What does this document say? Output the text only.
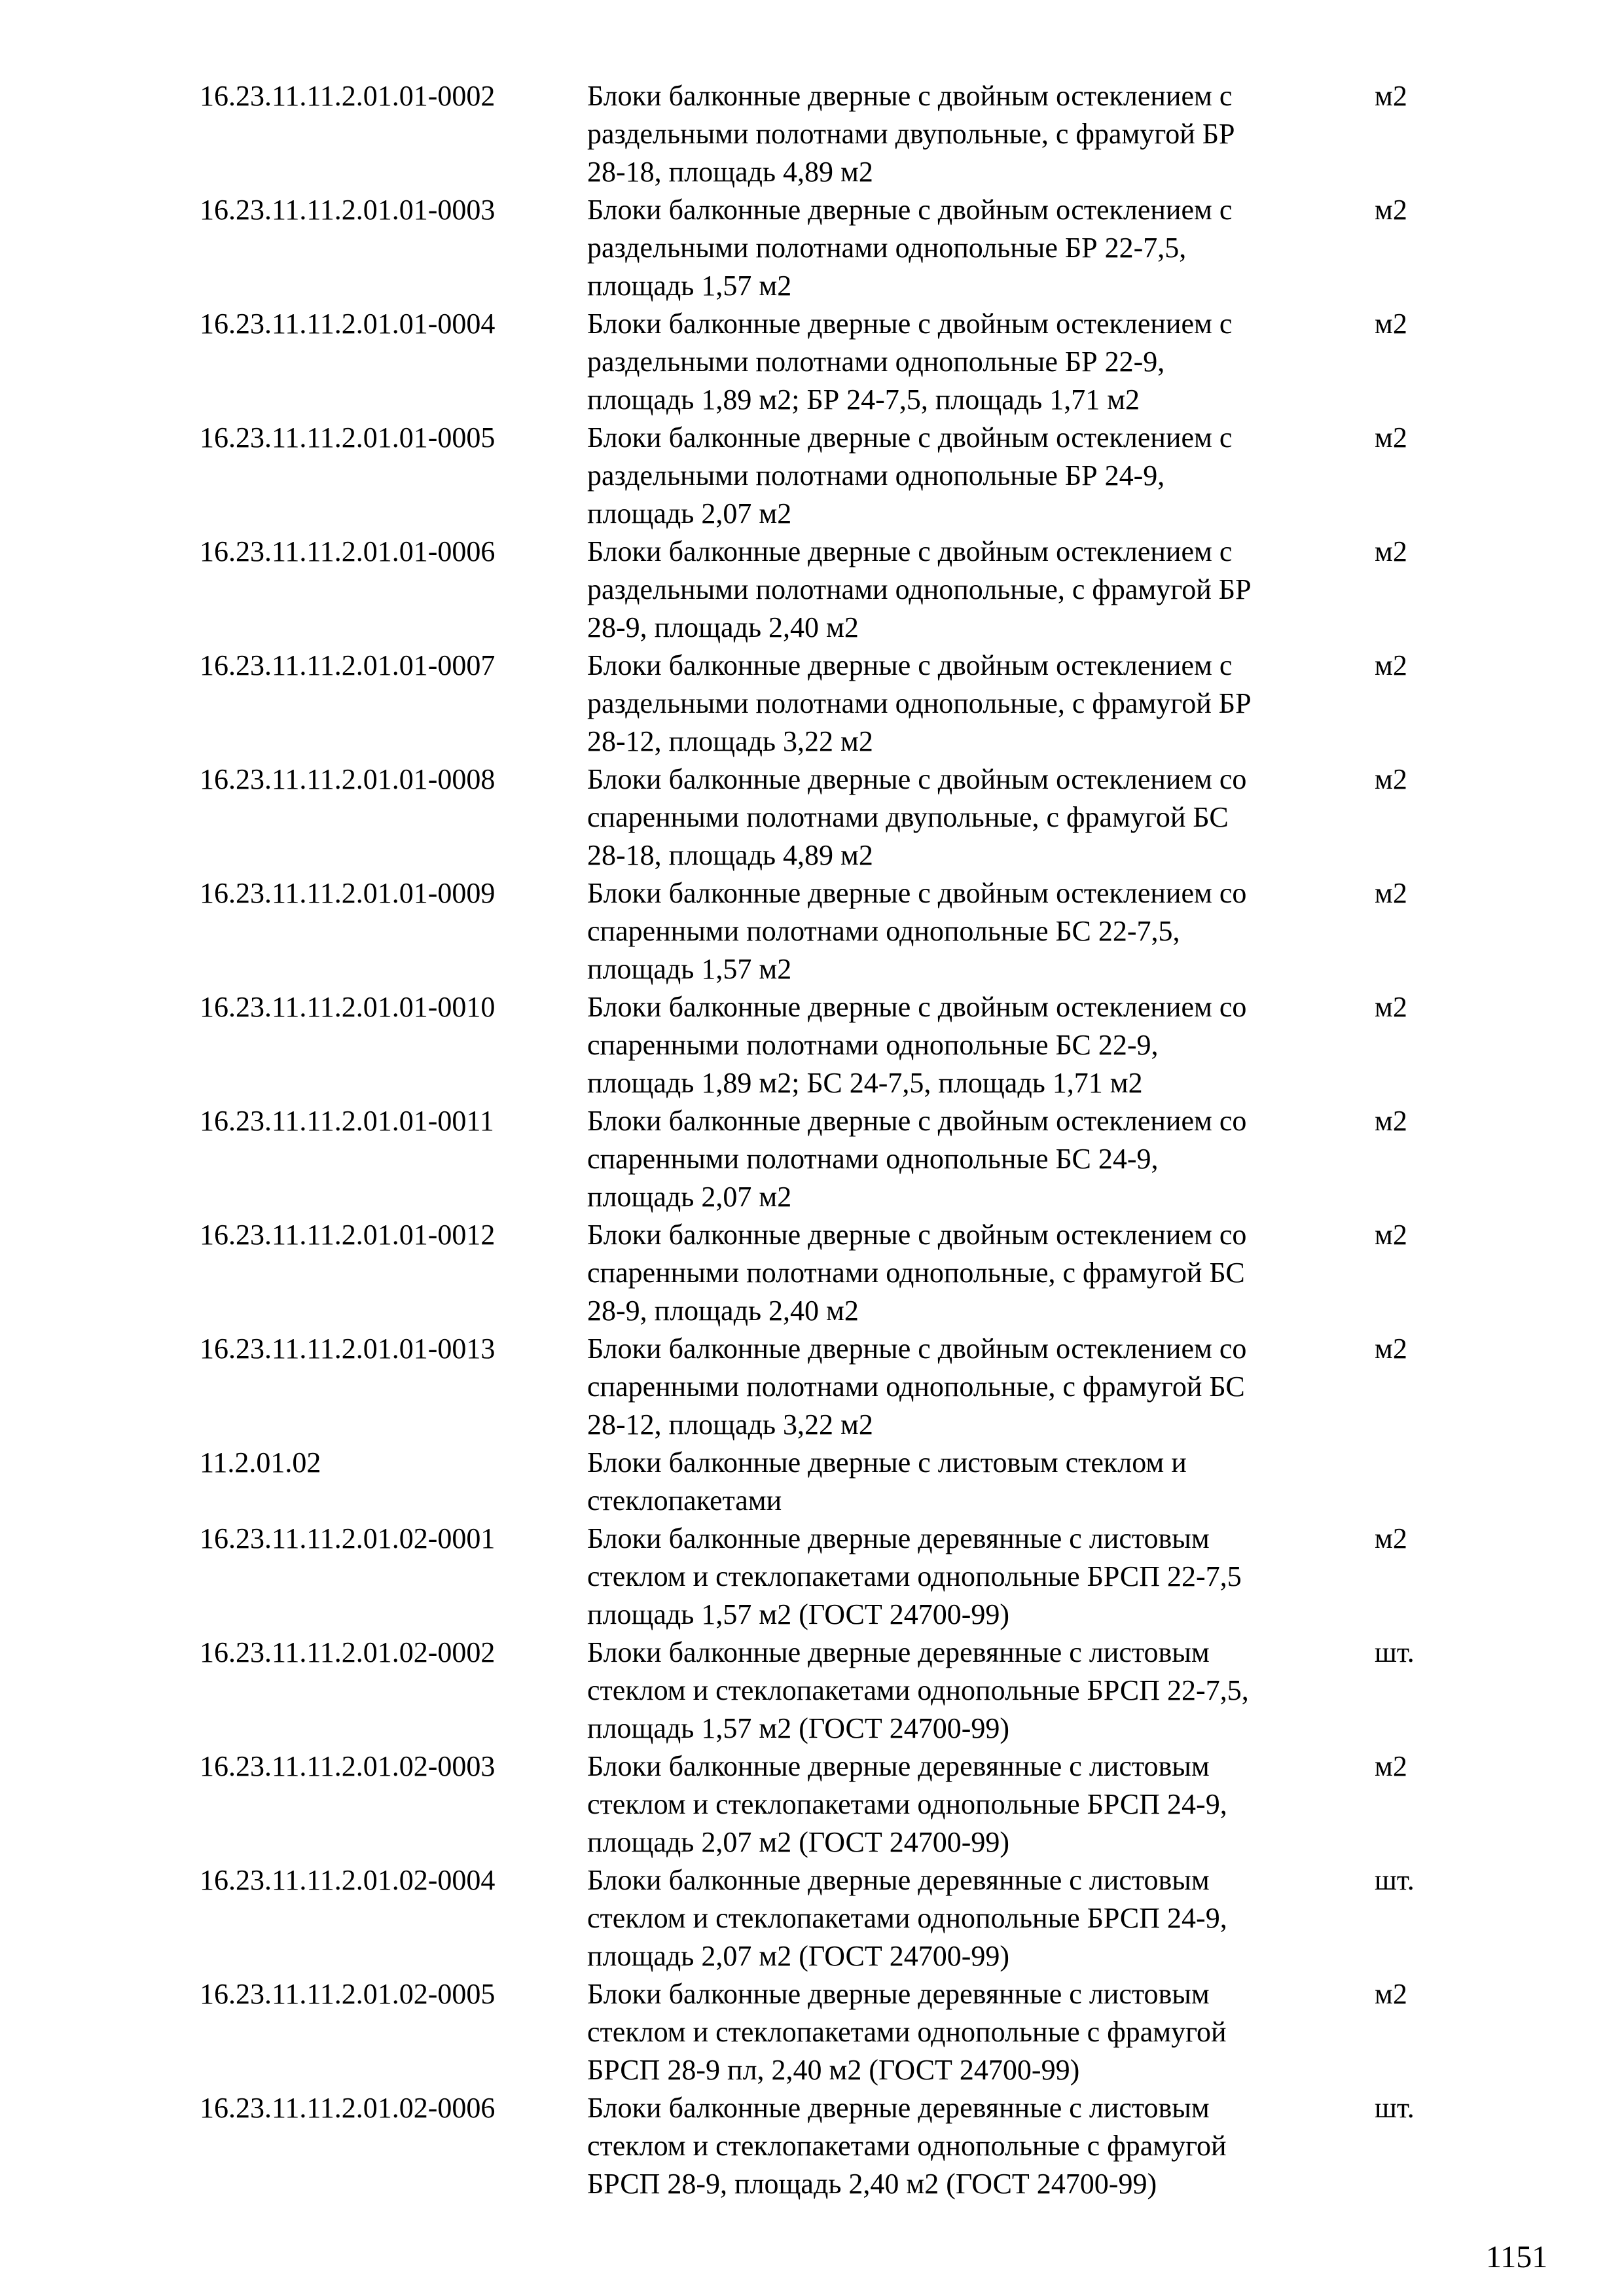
16.23.11.11.2.01.01-0002	Блоки балконные дверные с двойным остеклением с
раздельными полотнами двупольные, с фрамугой БР
28-18, площадь 4,89 м2
м2
16.23.11.11.2.01.01-0003	Блоки балконные дверные с двойным остеклением с
раздельными полотнами однопольные БР 22-7,5,
площадь 1,57 м2
м2
16.23.11.11.2.01.01-0004	Блоки балконные дверные с двойным остеклением с
раздельными полотнами однопольные БР 22-9,
площадь 1,89 м2; БР 24-7,5, площадь 1,71 м2
м2
16.23.11.11.2.01.01-0005	Блоки балконные дверные с двойным остеклением с
раздельными полотнами однопольные БР 24-9,
площадь 2,07 м2
м2
16.23.11.11.2.01.01-0006	Блоки балконные дверные с двойным остеклением с
раздельными полотнами однопольные, с фрамугой БР
28-9, площадь 2,40 м2
м2
16.23.11.11.2.01.01-0007	Блоки балконные дверные с двойным остеклением с
раздельными полотнами однопольные, с фрамугой БР
28-12, площадь 3,22 м2
м2
16.23.11.11.2.01.01-0008	Блоки балконные дверные с двойным остеклением со
спаренными полотнами двупольные, с фрамугой БС
28-18, площадь 4,89 м2
м2
16.23.11.11.2.01.01-0009	Блоки балконные дверные с двойным остеклением со
спаренными полотнами однопольные БС 22-7,5,
площадь 1,57 м2
м2
16.23.11.11.2.01.01-0010	Блоки балконные дверные с двойным остеклением со
спаренными полотнами однопольные БС 22-9,
площадь 1,89 м2; БС 24-7,5, площадь 1,71 м2
м2
16.23.11.11.2.01.01-0011	Блоки балконные дверные с двойным остеклением со
спаренными полотнами однопольные БС 24-9,
площадь 2,07 м2
м2
16.23.11.11.2.01.01-0012	Блоки балконные дверные с двойным остеклением со
спаренными полотнами однопольные, с фрамугой БС
28-9, площадь 2,40 м2
м2
16.23.11.11.2.01.01-0013	Блоки балконные дверные с двойным остеклением со
спаренными полотнами однопольные, с фрамугой БС
28-12, площадь 3,22 м2
м2
11.2.01.02	Блоки балконные дверные с листовым стеклом и
стеклопакетами
16.23.11.11.2.01.02-0001	Блоки балконные дверные деревянные с листовым
стеклом и стеклопакетами однопольные БРСП 22-7,5
площадь 1,57 м2 (ГОСТ 24700-99)
м2
16.23.11.11.2.01.02-0002	Блоки балконные дверные деревянные с листовым
стеклом и стеклопакетами однопольные БРСП 22-7,5,
площадь 1,57 м2 (ГОСТ 24700-99)
шт.
16.23.11.11.2.01.02-0003	Блоки балконные дверные деревянные с листовым
стеклом и стеклопакетами однопольные БРСП 24-9,
площадь 2,07 м2 (ГОСТ 24700-99)
м2
16.23.11.11.2.01.02-0004	Блоки балконные дверные деревянные с листовым
стеклом и стеклопакетами однопольные БРСП 24-9,
площадь 2,07 м2 (ГОСТ 24700-99)
шт.
16.23.11.11.2.01.02-0005	Блоки балконные дверные деревянные с листовым
стеклом и стеклопакетами однопольные с фрамугой
БРСП 28-9 пл, 2,40 м2 (ГОСТ 24700-99)
м2
16.23.11.11.2.01.02-0006	Блоки балконные дверные деревянные с листовым
стеклом и стеклопакетами однопольные с фрамугой
БРСП 28-9, площадь 2,40 м2 (ГОСТ 24700-99)
шт.
1151
